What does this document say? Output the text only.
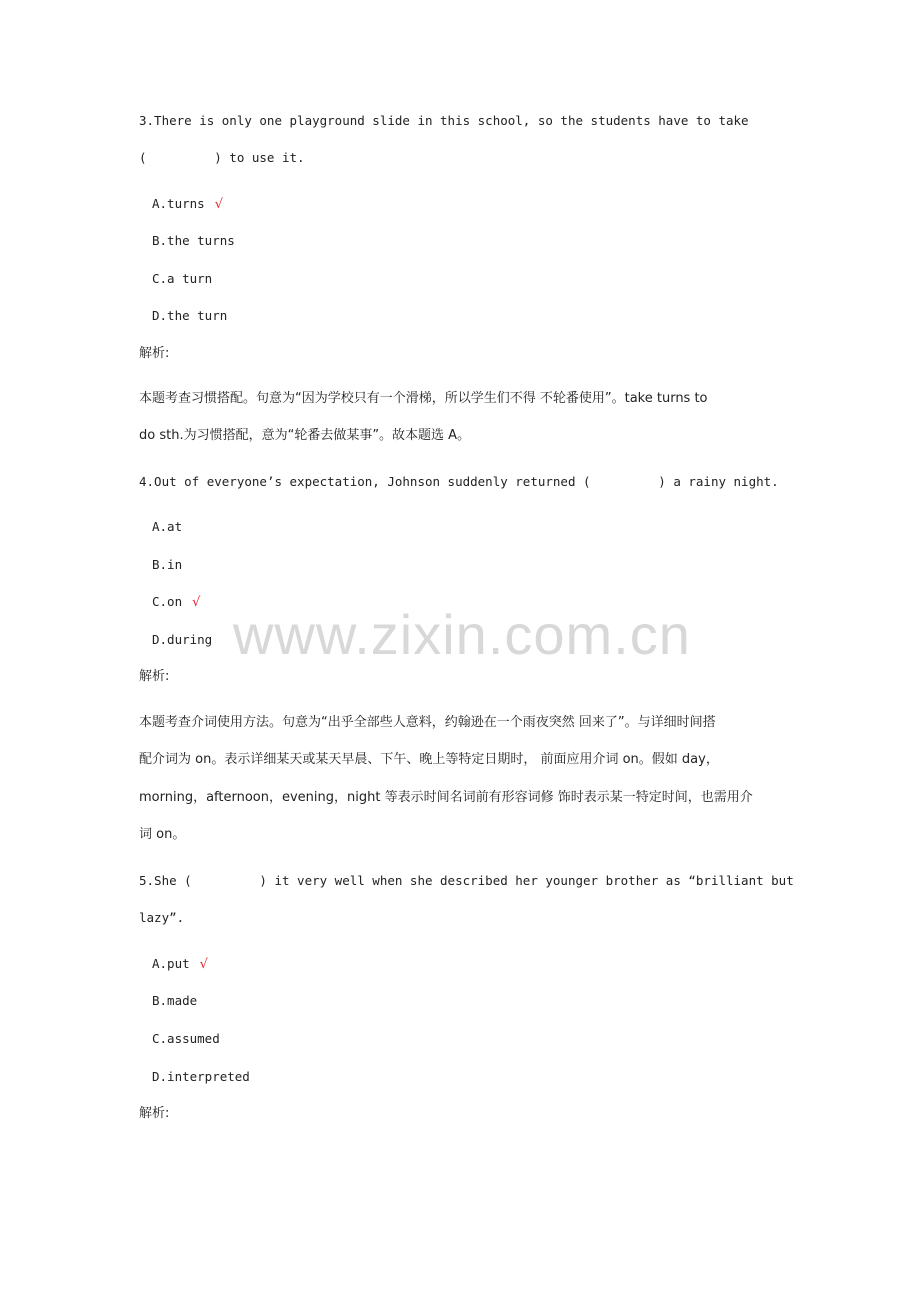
www.zixin.com.cn
3.There is only one playground slide in this school, so the students have to take
(         ) to use it.
A.turns √
B.the turns
C.a turn
D.the turn
解析:
本题考查习惯搭配。句意为“因为学校只有一个滑梯，所以学生们不得 不轮番使用”。take turns to
do sth.为习惯搭配，意为“轮番去做某事”。故本题选 A。
4.Out of everyone’s expectation, Johnson suddenly returned (         ) a rainy night.
A.at
B.in
C.on √
D.during
解析:
本题考查介词使用方法。句意为“出乎全部些人意料，约翰逊在一个雨夜突然 回来了”。与详细时间搭
配介词为 on。表示详细某天或某天早晨、下午、晚上等特定日期时， 前面应用介词 on。假如 day，
morning，afternoon，evening，night 等表示时间名词前有形容词修 饰时表示某一特定时间，也需用介
词 on。
5.She (         ) it very well when she described her younger brother as “brilliant but
lazy”.
A.put √
B.made
C.assumed
D.interpreted
解析:
